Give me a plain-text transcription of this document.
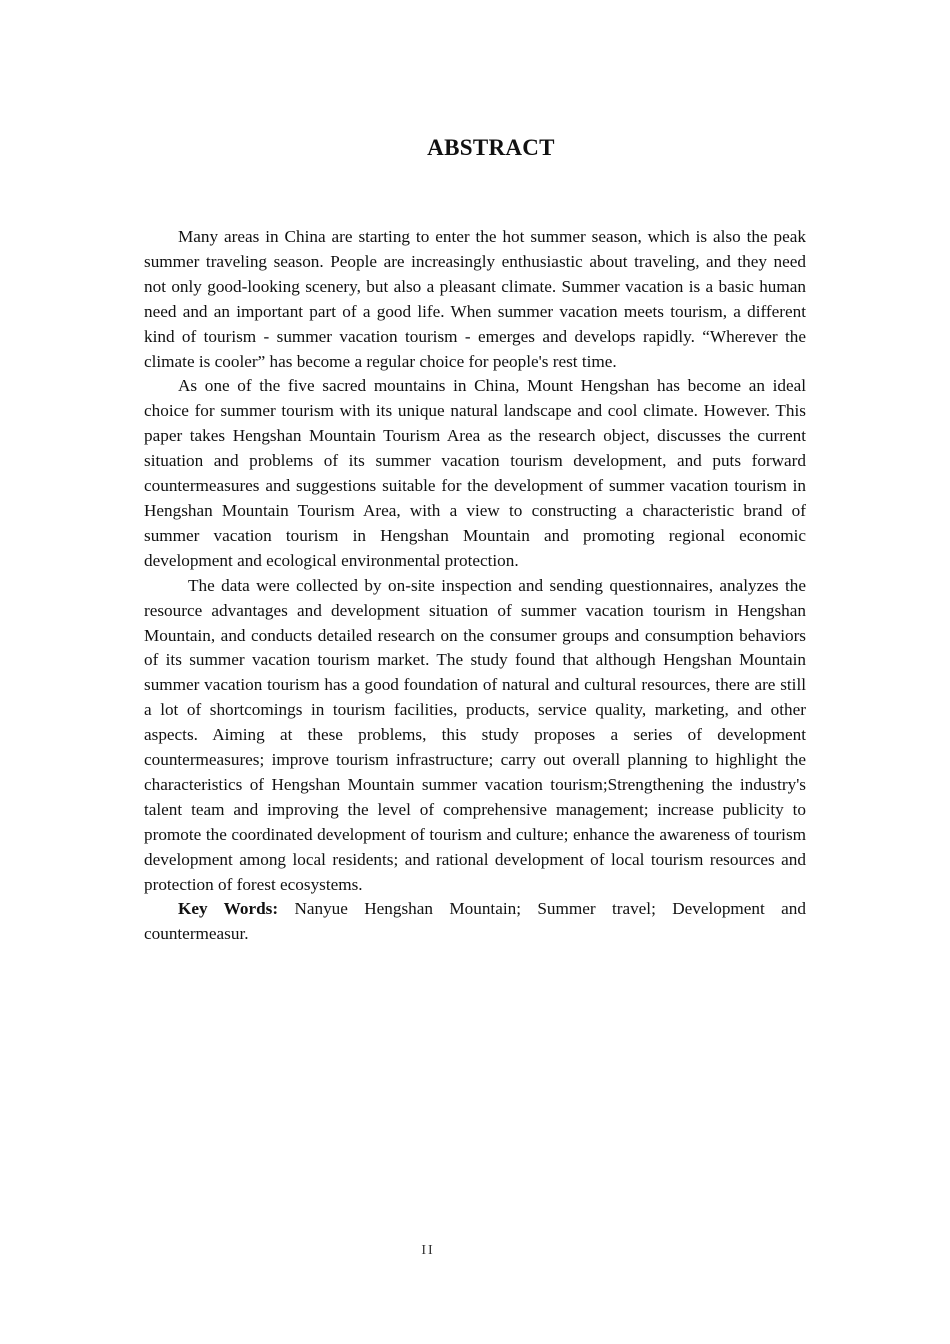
ABSTRACT

Many areas in China are starting to enter the hot summer season, which is also the peak summer traveling season. People are increasingly enthusiastic about traveling, and they need not only good-looking scenery, but also a pleasant climate. Summer vacation is a basic human need and an important part of a good life. When summer vacation meets tourism, a different kind of tourism - summer vacation tourism - emerges and develops rapidly. “Wherever the climate is cooler” has become a regular choice for people's rest time.

As one of the five sacred mountains in China, Mount Hengshan has become an ideal choice for summer tourism with its unique natural landscape and cool climate. However. This paper takes Hengshan Mountain Tourism Area as the research object, discusses the current situation and problems of its summer vacation tourism development, and puts forward countermeasures and suggestions suitable for the development of summer vacation tourism in Hengshan Mountain Tourism Area, with a view to constructing a characteristic brand of summer vacation tourism in Hengshan Mountain and promoting regional economic development and ecological environmental protection.

The data were collected by on-site inspection and sending questionnaires, analyzes the resource advantages and development situation of summer vacation tourism in Hengshan Mountain, and conducts detailed research on the consumer groups and consumption behaviors of its summer vacation tourism market. The study found that although Hengshan Mountain summer vacation tourism has a good foundation of natural and cultural resources, there are still a lot of shortcomings in tourism facilities, products, service quality, marketing, and other aspects. Aiming at these problems, this study proposes a series of development countermeasures; improve tourism infrastructure; carry out overall planning to highlight the characteristics of Hengshan Mountain summer vacation tourism;Strengthening the industry's talent team and improving the level of comprehensive management; increase publicity to promote the coordinated development of tourism and culture; enhance the awareness of tourism development among local residents; and rational development of local tourism resources and protection of forest ecosystems.

Key Words: Nanyue Hengshan Mountain; Summer travel; Development and countermeasur.

II
